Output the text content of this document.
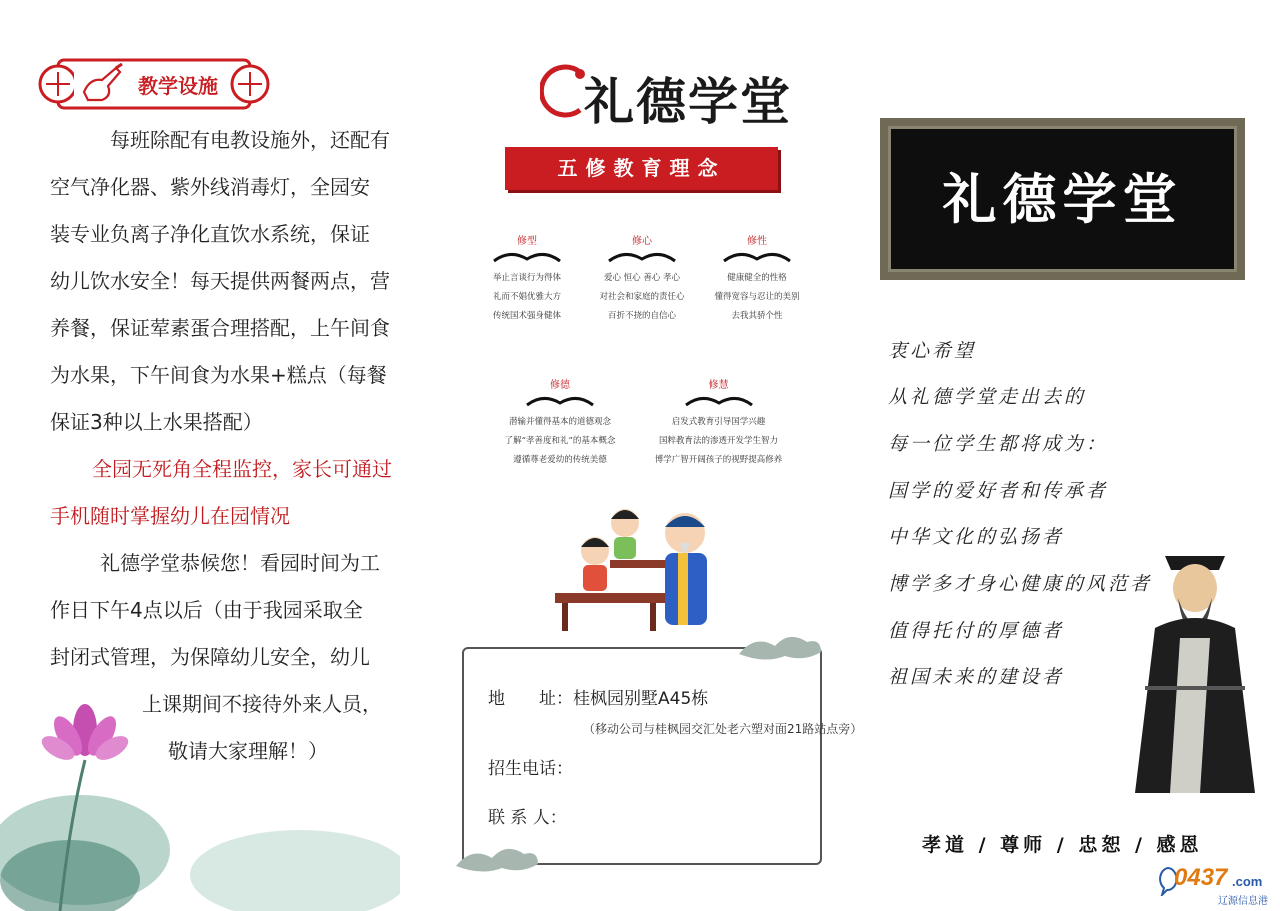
教学设施
每班除配有电教设施外，还配有
空气净化器、紫外线消毒灯，全园安
装专业负离子净化直饮水系统，保证
幼儿饮水安全！每天提供两餐两点，营
养餐，保证荤素蛋合理搭配，上午间食
为水果，下午间食为水果+糕点（每餐
保证3种以上水果搭配）
全园无死角全程监控，家长可通过
手机随时掌握幼儿在园情况
礼德学堂恭候您！看园时间为工
作日下午4点以后（由于我园采取全
封闭式管理，为保障幼儿安全，幼儿
上课期间不接待外来人员，
敬请大家理解！）
礼德学堂
五修教育理念
修型
举止言谈行为得体
礼而不娼优雅大方
传统国术强身健体
修心
爱心 恒心 善心 孝心
对社会和家庭的责任心
百折不挠的自信心
修性
健康健全的性格
懂得宽容与忍让的美别
去我其骄个性
修德
潜输并懂得基本的道德观念
了解“孝善度和礼”的基本概念
遵循尊老爱幼的传统美德
修慧
启发式教育引导国学兴趣
国粹教育法的渗透开发学生智力
博学广智开阔孩子的视野提高修养
地　　址：桂枫园别墅A45栋
（移动公司与桂枫园交汇处老六塑对面21路站点旁）
招生电话：
联 系 人：
礼德学堂
衷心希望
从礼德学堂走出去的
每一位学生都将成为：
国学的爱好者和传承者
中华文化的弘扬者
博学多才身心健康的风范者
值得托付的厚德者
祖国未来的建设者
孝道 / 尊师 / 忠恕 / 感恩
0437 .com
辽源信息港
